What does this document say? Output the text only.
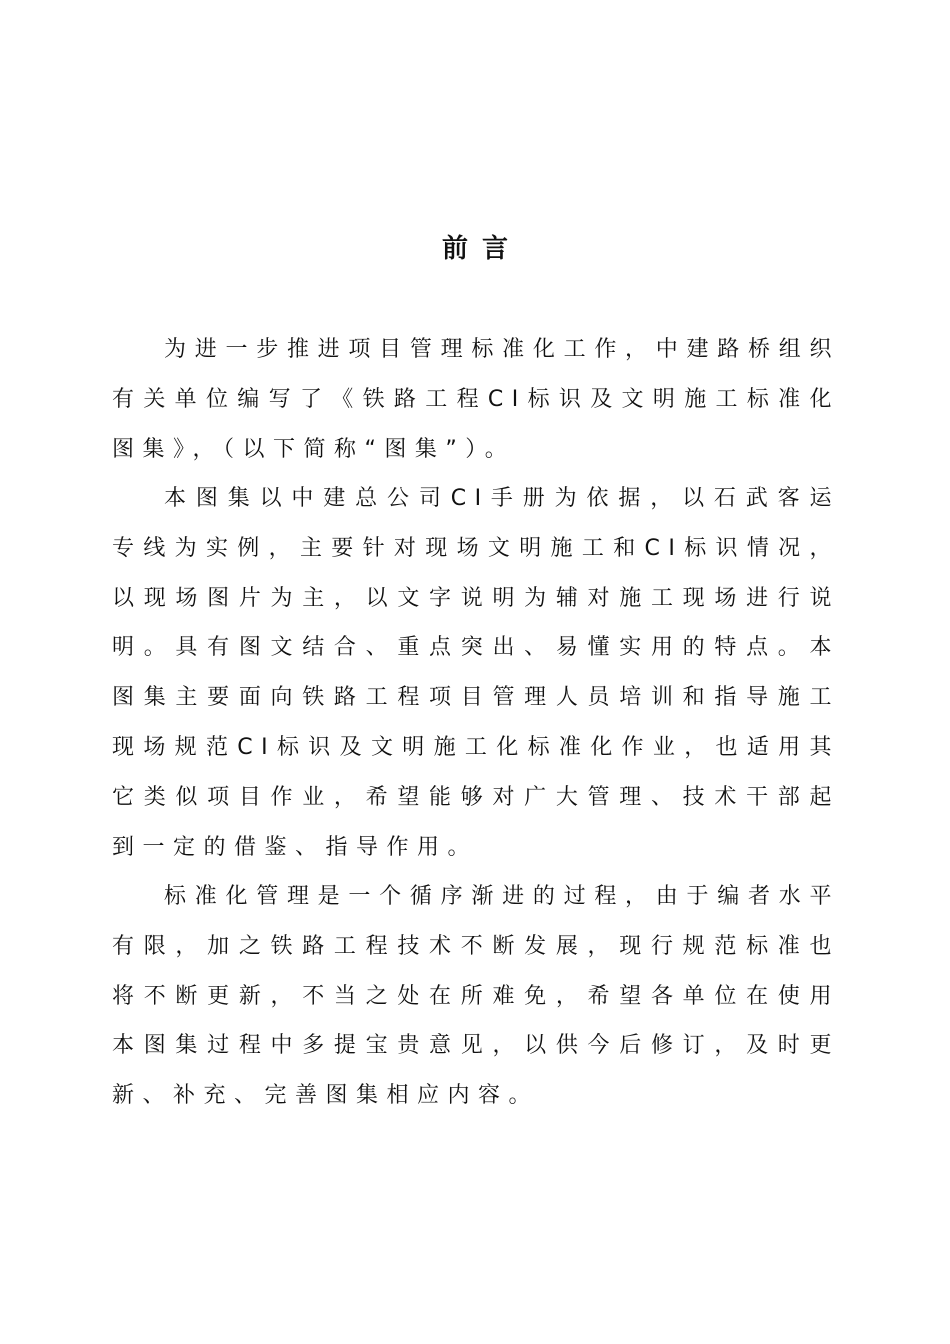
前言

为进一步推进项目管理标准化工作，中建路桥组织有关单位编写了《铁路工程CI标识及文明施工标准化图集》，（以下简称“图集”）。

本图集以中建总公司CI手册为依据，以石武客运专线为实例，主要针对现场文明施工和CI标识情况，以现场图片为主，以文字说明为辅对施工现场进行说明。具有图文结合、重点突出、易懂实用的特点。本图集主要面向铁路工程项目管理人员培训和指导施工现场规范CI标识及文明施工化标准化作业，也适用其它类似项目作业，希望能够对广大管理、技术干部起到一定的借鉴、指导作用。

标准化管理是一个循序渐进的过程，由于编者水平有限，加之铁路工程技术不断发展，现行规范标准也将不断更新，不当之处在所难免，希望各单位在使用本图集过程中多提宝贵意见，以供今后修订，及时更新、补充、完善图集相应内容。
